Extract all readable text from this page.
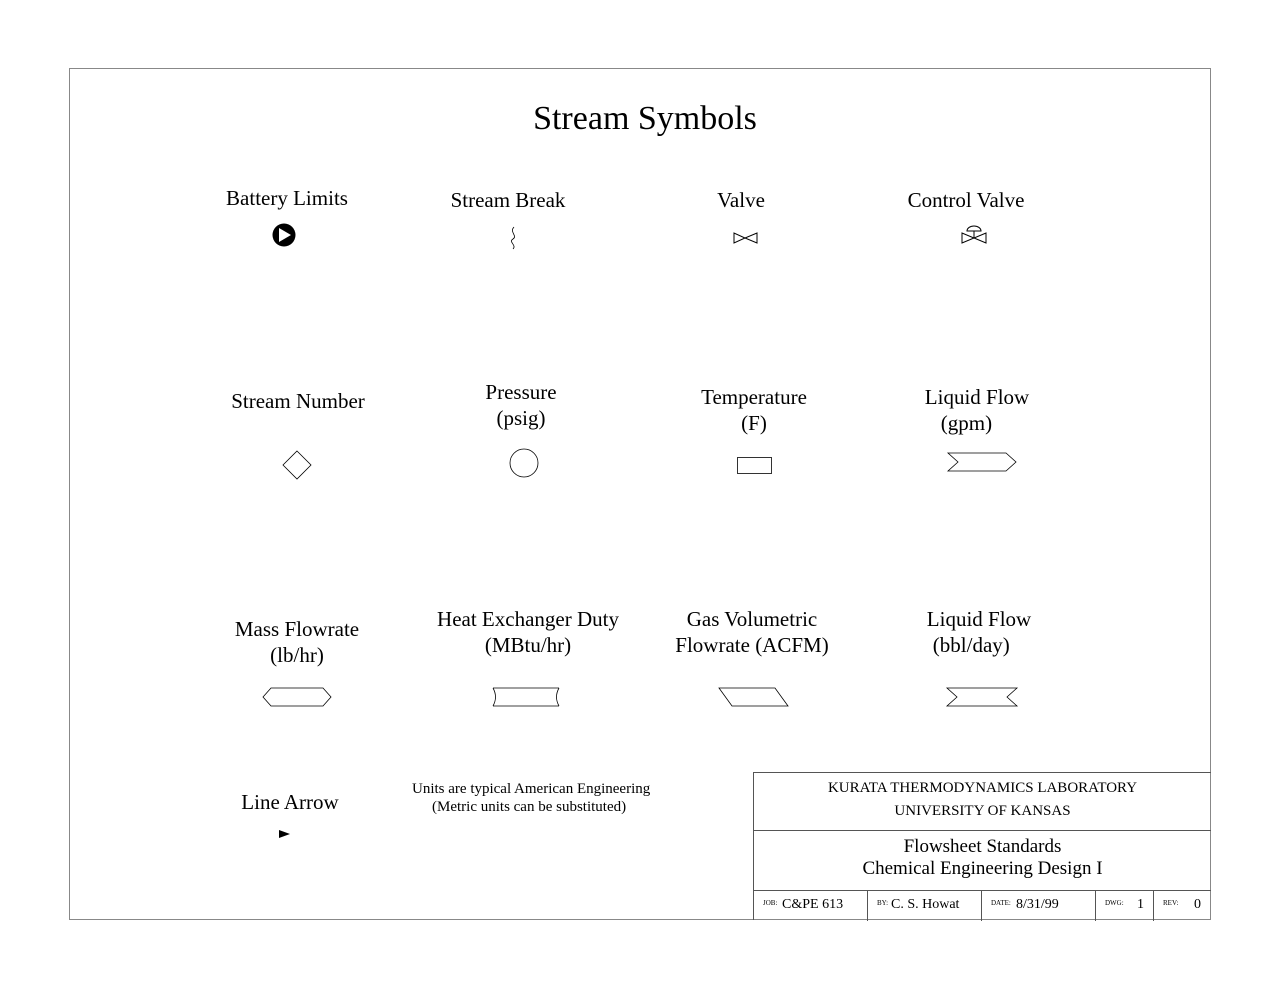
Stream Symbols
Battery Limits	Stream Break	Valve	Control Valve
Stream Number	Pressure
(psig)
Temperature
(F)
Liquid Flow
(gpm)
Mass Flowrate
(lb/hr)
Heat Exchanger Duty
(MBtu/hr)
Gas Volumetric
Flowrate (ACFM)
Liquid Flow
(bbl/day)
Line Arrow
Units are typical American Engineering
(Metric units can be substituted)
KURATA THERMODYNAMICS LABORATORY
UNIVERSITY OF KANSAS
Flowsheet Standards
Chemical Engineering Design I
JOB: C&PE 613	BY: C. S. Howat	DATE: 8/31/99	DWG: 1	REV: 0
